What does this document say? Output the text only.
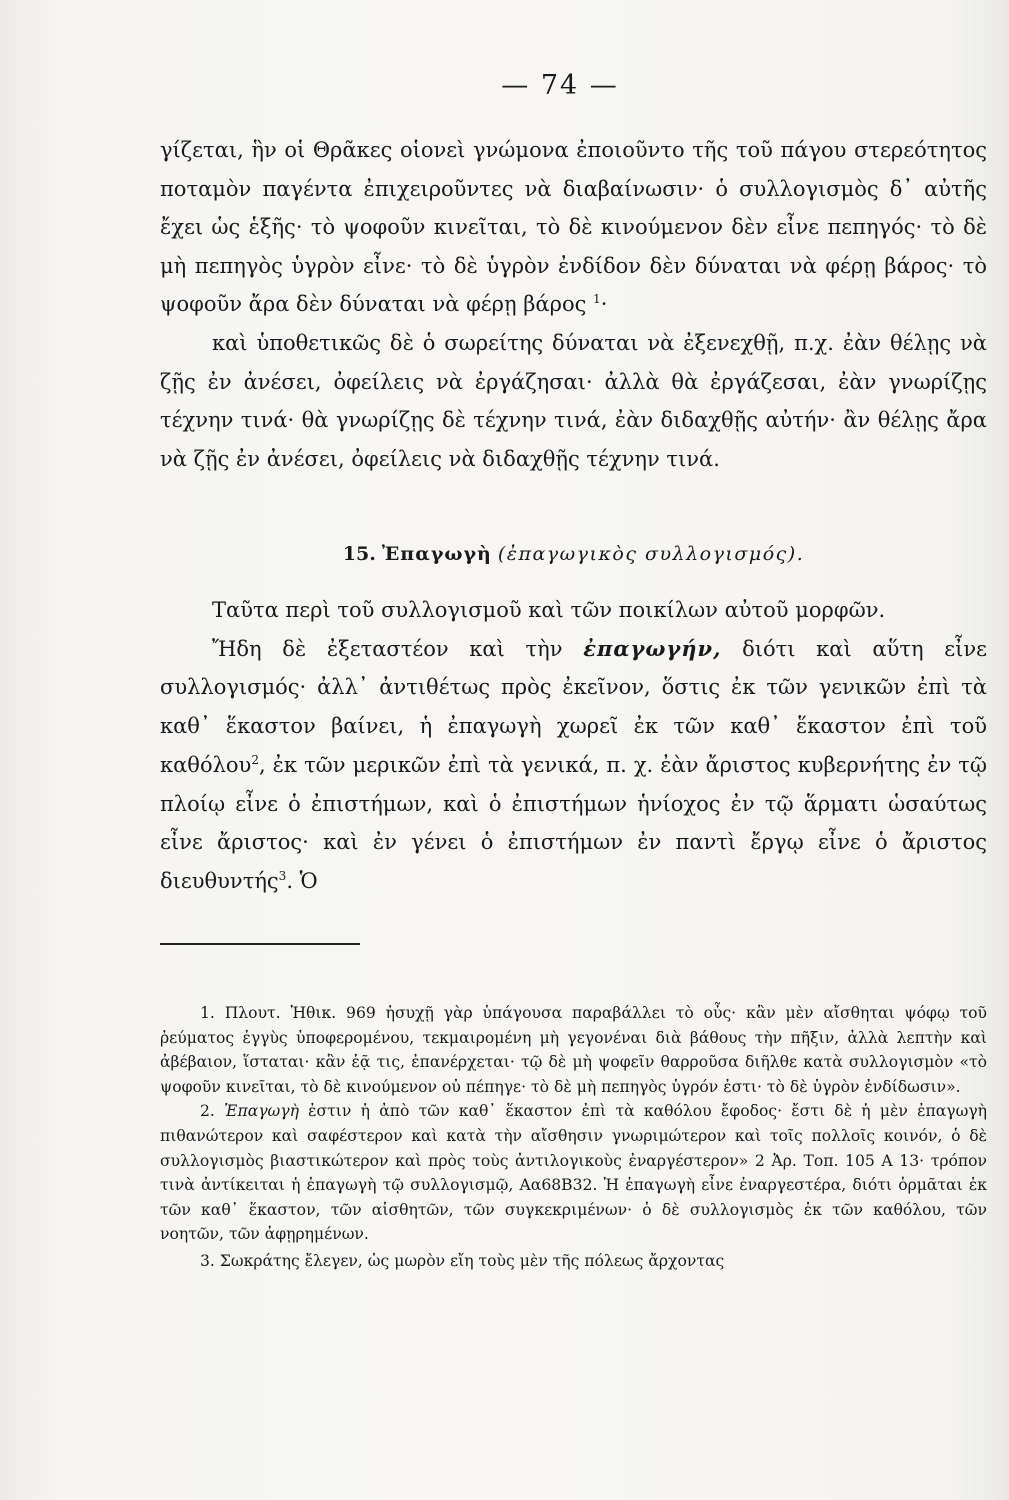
— 74 —

γίζεται, ἣν οἱ Θρᾶκες οἱονεὶ γνώμονα ἐποιοῦντο τῆς τοῦ πάγου στερεότητος ποταμὸν παγέντα ἐπιχειροῦντες νὰ διαβαίνωσιν· ὁ συλλογισμὸς δ᾽ αὐτῆς ἔχει ὡς ἑξῆς· τὸ ψοφοῦν κινεῖται, τὸ δὲ κινούμενον δὲν εἶνε πεπηγός· τὸ δὲ μὴ πεπηγὸς ὑγρὸν εἶνε· τὸ δὲ ὑγρὸν ἐνδίδον δὲν δύναται νὰ φέρῃ βάρος· τὸ ψοφοῦν ἄρα δὲν δύναται νὰ φέρῃ βάρος $^1$·

καὶ ὑποθετικῶς δὲ ὁ σωρείτης δύναται νὰ ἐξενεχθῇ, π.χ. ἐὰν θέλῃς νὰ ζῇς ἐν ἀνέσει, ὀφείλεις νὰ ἐργάζησαι· ἀλλὰ θὰ ἐργάζεσαι, ἐὰν γνωρίζῃς τέχνην τινά· θὰ γνωρίζῃς δὲ τέχνην τινά, ἐὰν διδαχθῇς αὐτήν· ἂν θέλῃς ἄρα νὰ ζῇς ἐν ἀνέσει, ὀφείλεις νὰ διδαχθῇς τέχνην τινά.

15. Ἐπαγωγὴ (ἐπαγωγικὸς συλλογισμός).

Ταῦτα περὶ τοῦ συλλογισμοῦ καὶ τῶν ποικίλων αὐτοῦ μορφῶν.

Ἤδη δὲ ἐξεταστέον καὶ τὴν ἐπαγωγήν, διότι καὶ αὕτη εἶνε συλλογισμός· ἀλλ᾽ ἀντιθέτως πρὸς ἐκεῖνον, ὅστις ἐκ τῶν γενικῶν ἐπὶ τὰ καθ᾽ ἕκαστον βαίνει, ἡ ἐπαγωγὴ χωρεῖ ἐκ τῶν καθ᾽ ἕκαστον ἐπὶ τοῦ καθόλου$^2$, ἐκ τῶν μερικῶν ἐπὶ τὰ γενικά, π. χ. ἐὰν ἄριστος κυβερνήτης ἐν τῷ πλοίῳ εἶνε ὁ ἐπιστήμων, καὶ ὁ ἐπιστήμων ἡνίοχος ἐν τῷ ἅρματι ὡσαύτως εἶνε ἄριστος· καὶ ἐν γένει ὁ ἐπιστήμων ἐν παντὶ ἔργῳ εἶνε ὁ ἄριστος διευθυντής$^3$. Ὁ

1. Πλουτ. Ἠθικ. 969 ἡσυχῇ γὰρ ὑπάγουσα παραβάλλει τὸ οὖς· κἂν μὲν αἴσθηται ψόφῳ τοῦ ῥεύματος ἐγγὺς ὑποφερομένου, τεκμαιρομένη μὴ γεγονέναι διὰ βάθους τὴν πῆξιν, ἀλλὰ λεπτὴν καὶ ἀβέβαιον, ἵσταται· κἂν ἐᾷ τις, ἐπανέρχεται· τῷ δὲ μὴ ψοφεῖν θαρροῦσα διῆλθε κατὰ συλλογισμὸν «τὸ ψοφοῦν κινεῖται, τὸ δὲ κινούμενον οὐ πέπηγε· τὸ δὲ μὴ πεπηγὸς ὑγρόν ἐστι· τὸ δὲ ὑγρὸν ἐνδίδωσιν».

2. Ἐπαγωγὴ ἐστιν ἡ ἀπὸ τῶν καθ᾽ ἕκαστον ἐπὶ τὰ καθόλου ἔφοδος· ἔστι δὲ ἡ μὲν ἐπαγωγὴ πιθανώτερον καὶ σαφέστερον καὶ κατὰ τὴν αἴσθησιν γνωριμώτερον καὶ τοῖς πολλοῖς κοινόν, ὁ δὲ συλλογισμὸς βιαστικώτερον καὶ πρὸς τοὺς ἀντιλογικοὺς ἐναργέστερον» 2 Ἀρ. Τοπ. 105 Α 13· τρόπον τινὰ ἀντίκειται ἡ ἐπαγωγὴ τῷ συλλογισμῷ, Αα68Β32. Ἡ ἐπαγωγὴ εἶνε ἐναργεστέρα, διότι ὁρμᾶται ἐκ τῶν καθ᾽ ἕκαστον, τῶν αἰσθητῶν, τῶν συγκεκριμένων· ὁ δὲ συλλογισμὸς ἐκ τῶν καθόλου, τῶν νοητῶν, τῶν ἀφῃρημένων.

3. Σωκράτης ἔλεγεν, ὡς μωρὸν εἴη τοὺς μὲν τῆς πόλεως ἄρχοντας
